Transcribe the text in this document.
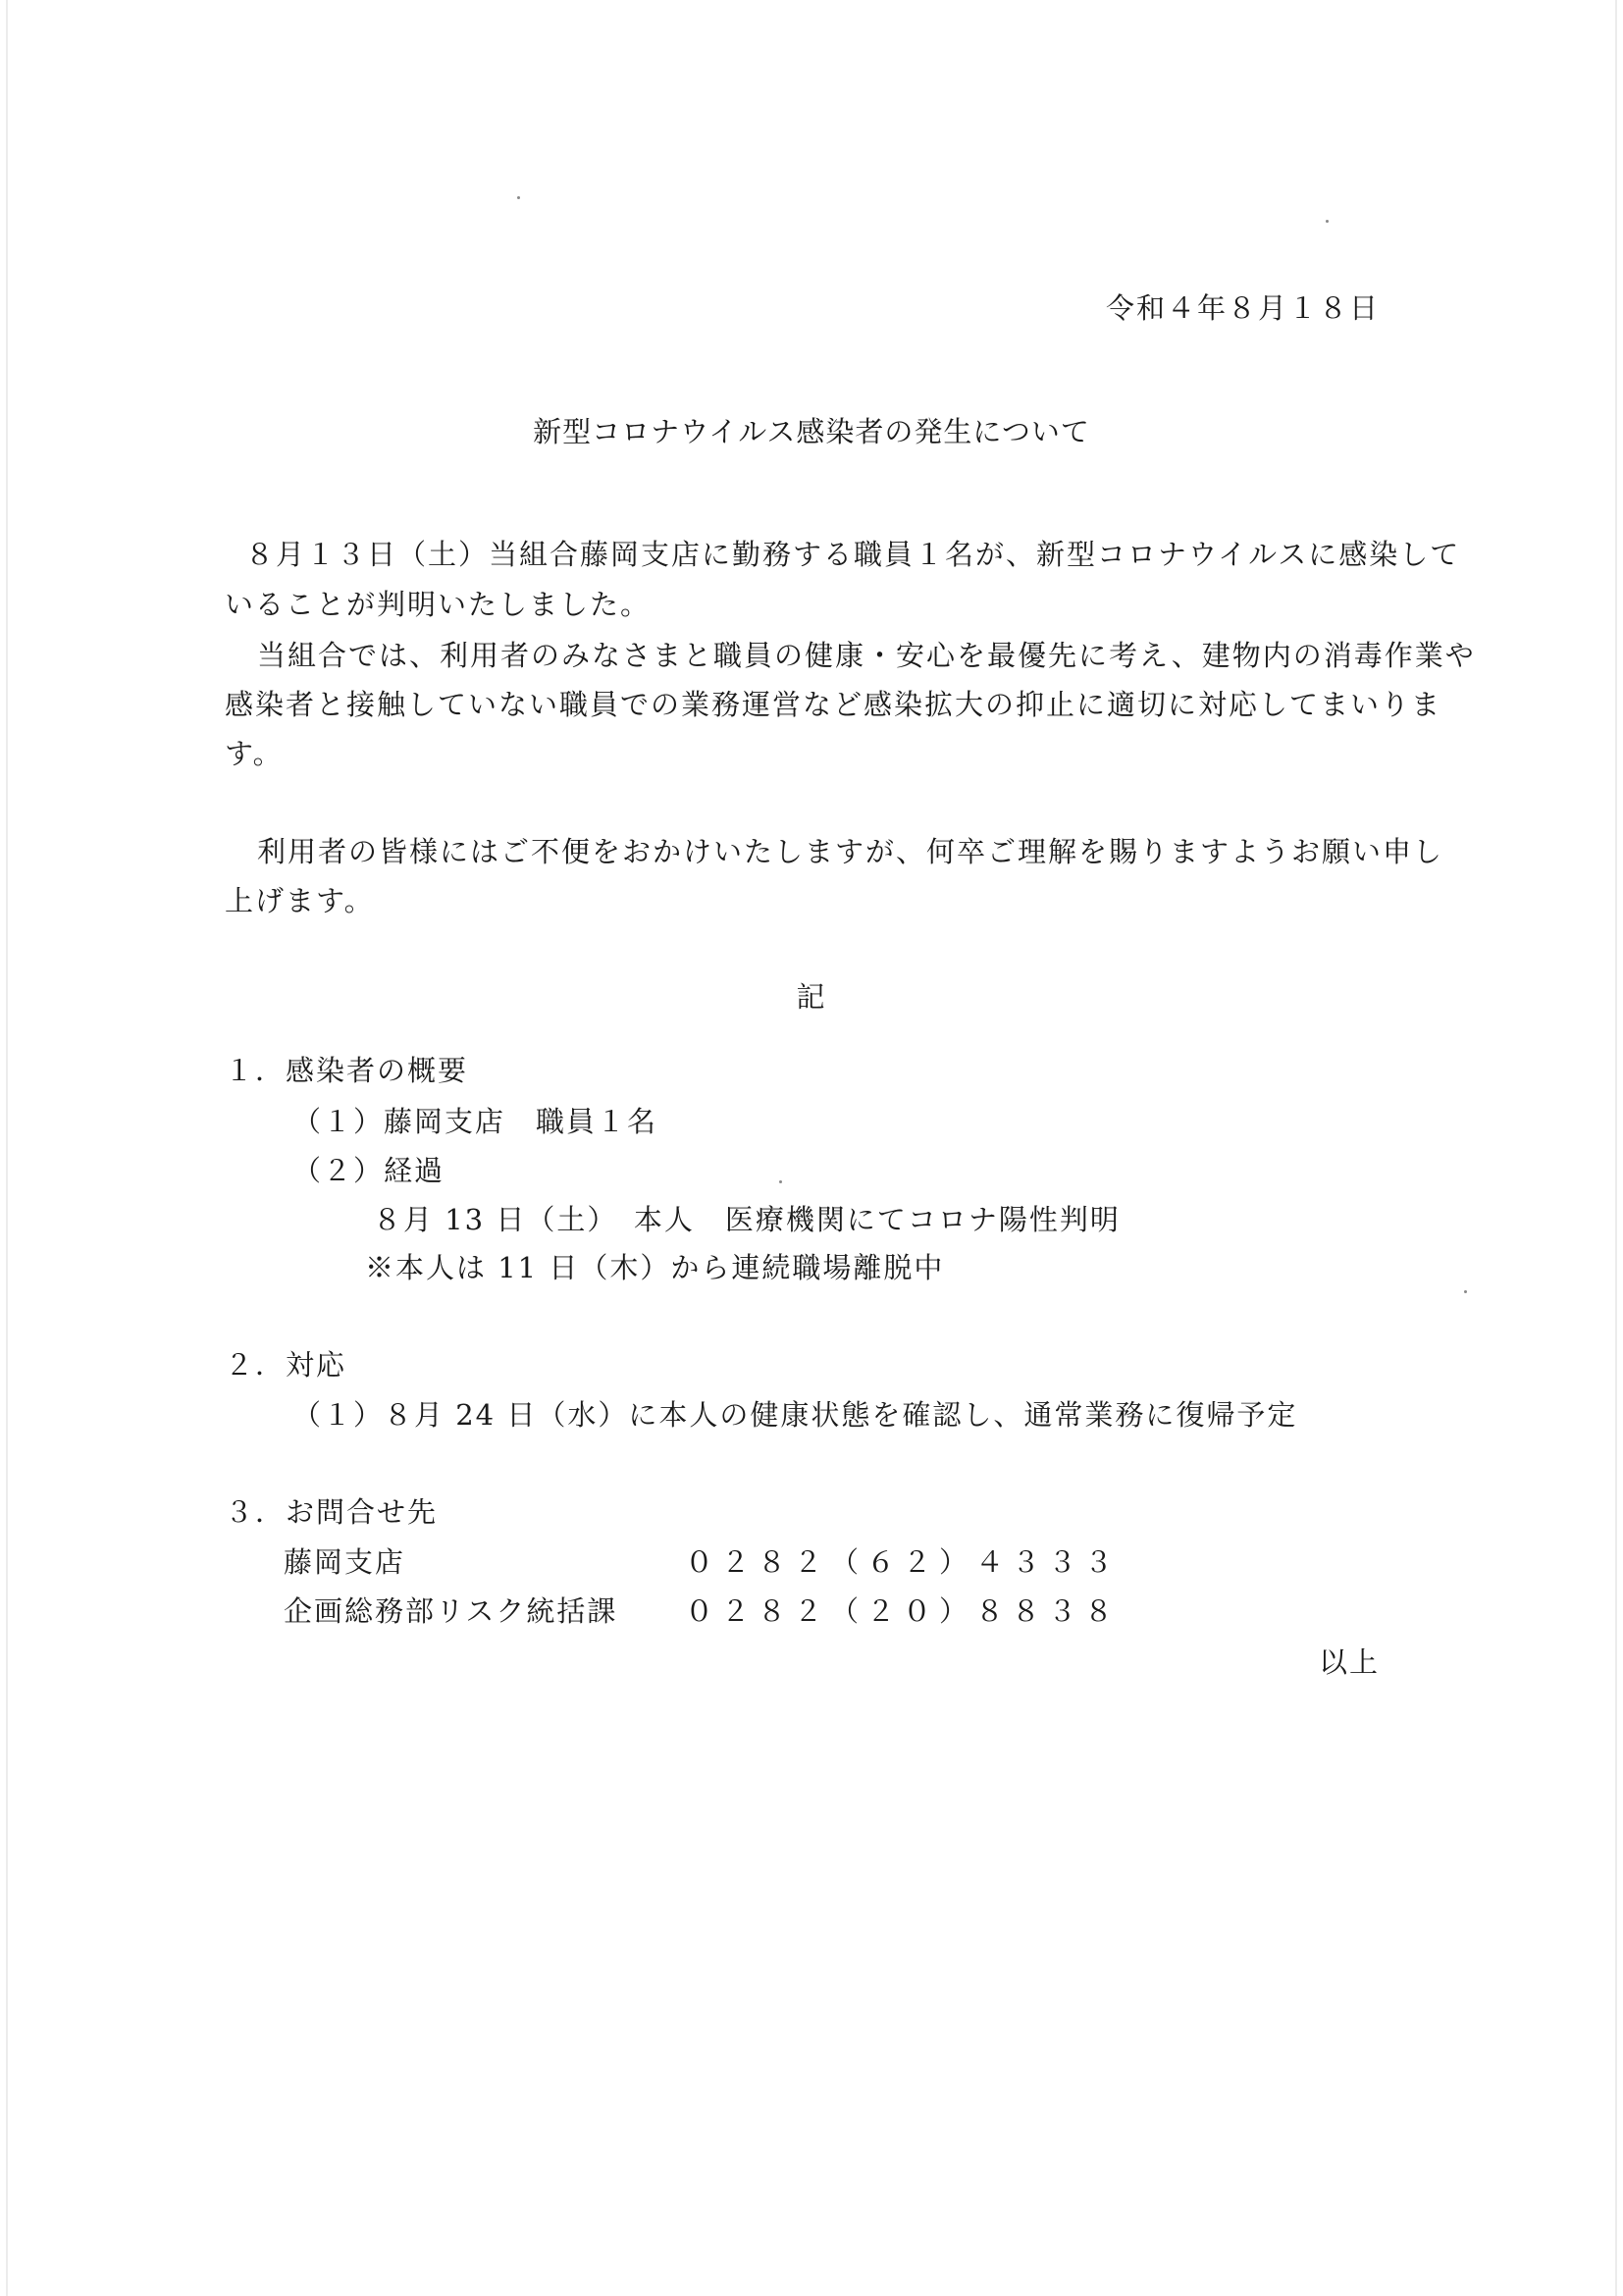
令和４年８月１８日
新型コロナウイルス感染者の発生について
８月１３日（土）当組合藤岡支店に勤務する職員１名が、新型コロナウイルスに感染して
いることが判明いたしました。
当組合では、利用者のみなさまと職員の健康・安心を最優先に考え、建物内の消毒作業や
感染者と接触していない職員での業務運営など感染拡大の抑止に適切に対応してまいりま
す。
利用者の皆様にはご不便をおかけいたしますが、何卒ご理解を賜りますようお願い申し
上げます。
記
１．感染者の概要
（１）藤岡支店　職員１名
（２）経過
８月 13 日（土）　本人　医療機関にてコロナ陽性判明
※本人は 11 日（木）から連続職場離脱中
２．対応
（１）８月 24 日（水）に本人の健康状態を確認し、通常業務に復帰予定
３．お問合せ先
藤岡支店	０２８２（６２）４３３３
企画総務部リスク統括課 ０２８２（２０）８８３８
以上
